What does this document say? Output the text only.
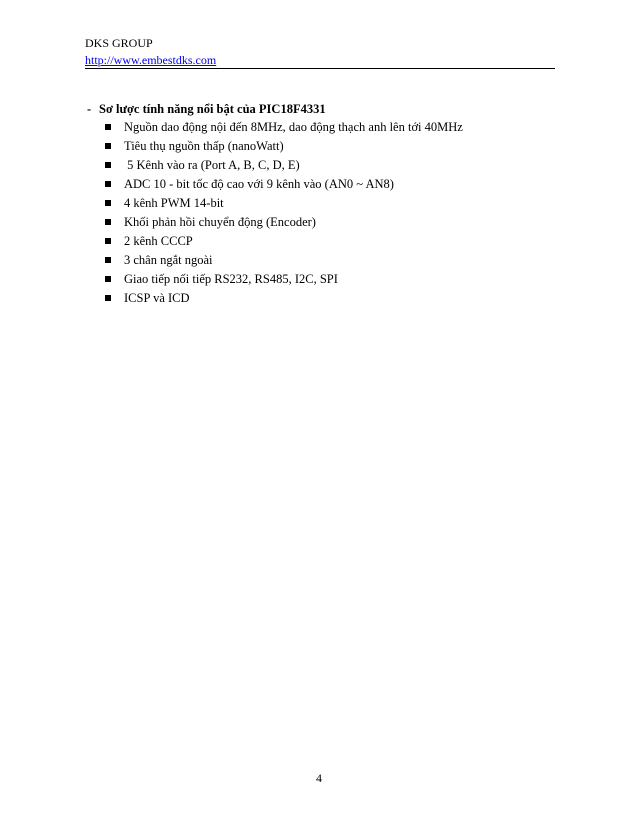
DKS GROUP
http://www.embestdks.com
- Sơ lược tính năng nổi bật của PIC18F4331
Nguồn dao động nội đến 8MHz, dao động thạch anh lên tới 40MHz
Tiêu thụ nguồn thấp (nanoWatt)
5 Kênh vào ra (Port A, B, C, D, E)
ADC 10 - bit tốc độ cao với 9 kênh vào (AN0 ~ AN8)
4 kênh PWM 14-bit
Khối phản hồi chuyển động (Encoder)
2 kênh CCCP
3 chân ngắt ngoài
Giao tiếp nối tiếp RS232, RS485, I2C, SPI
ICSP và ICD
4
